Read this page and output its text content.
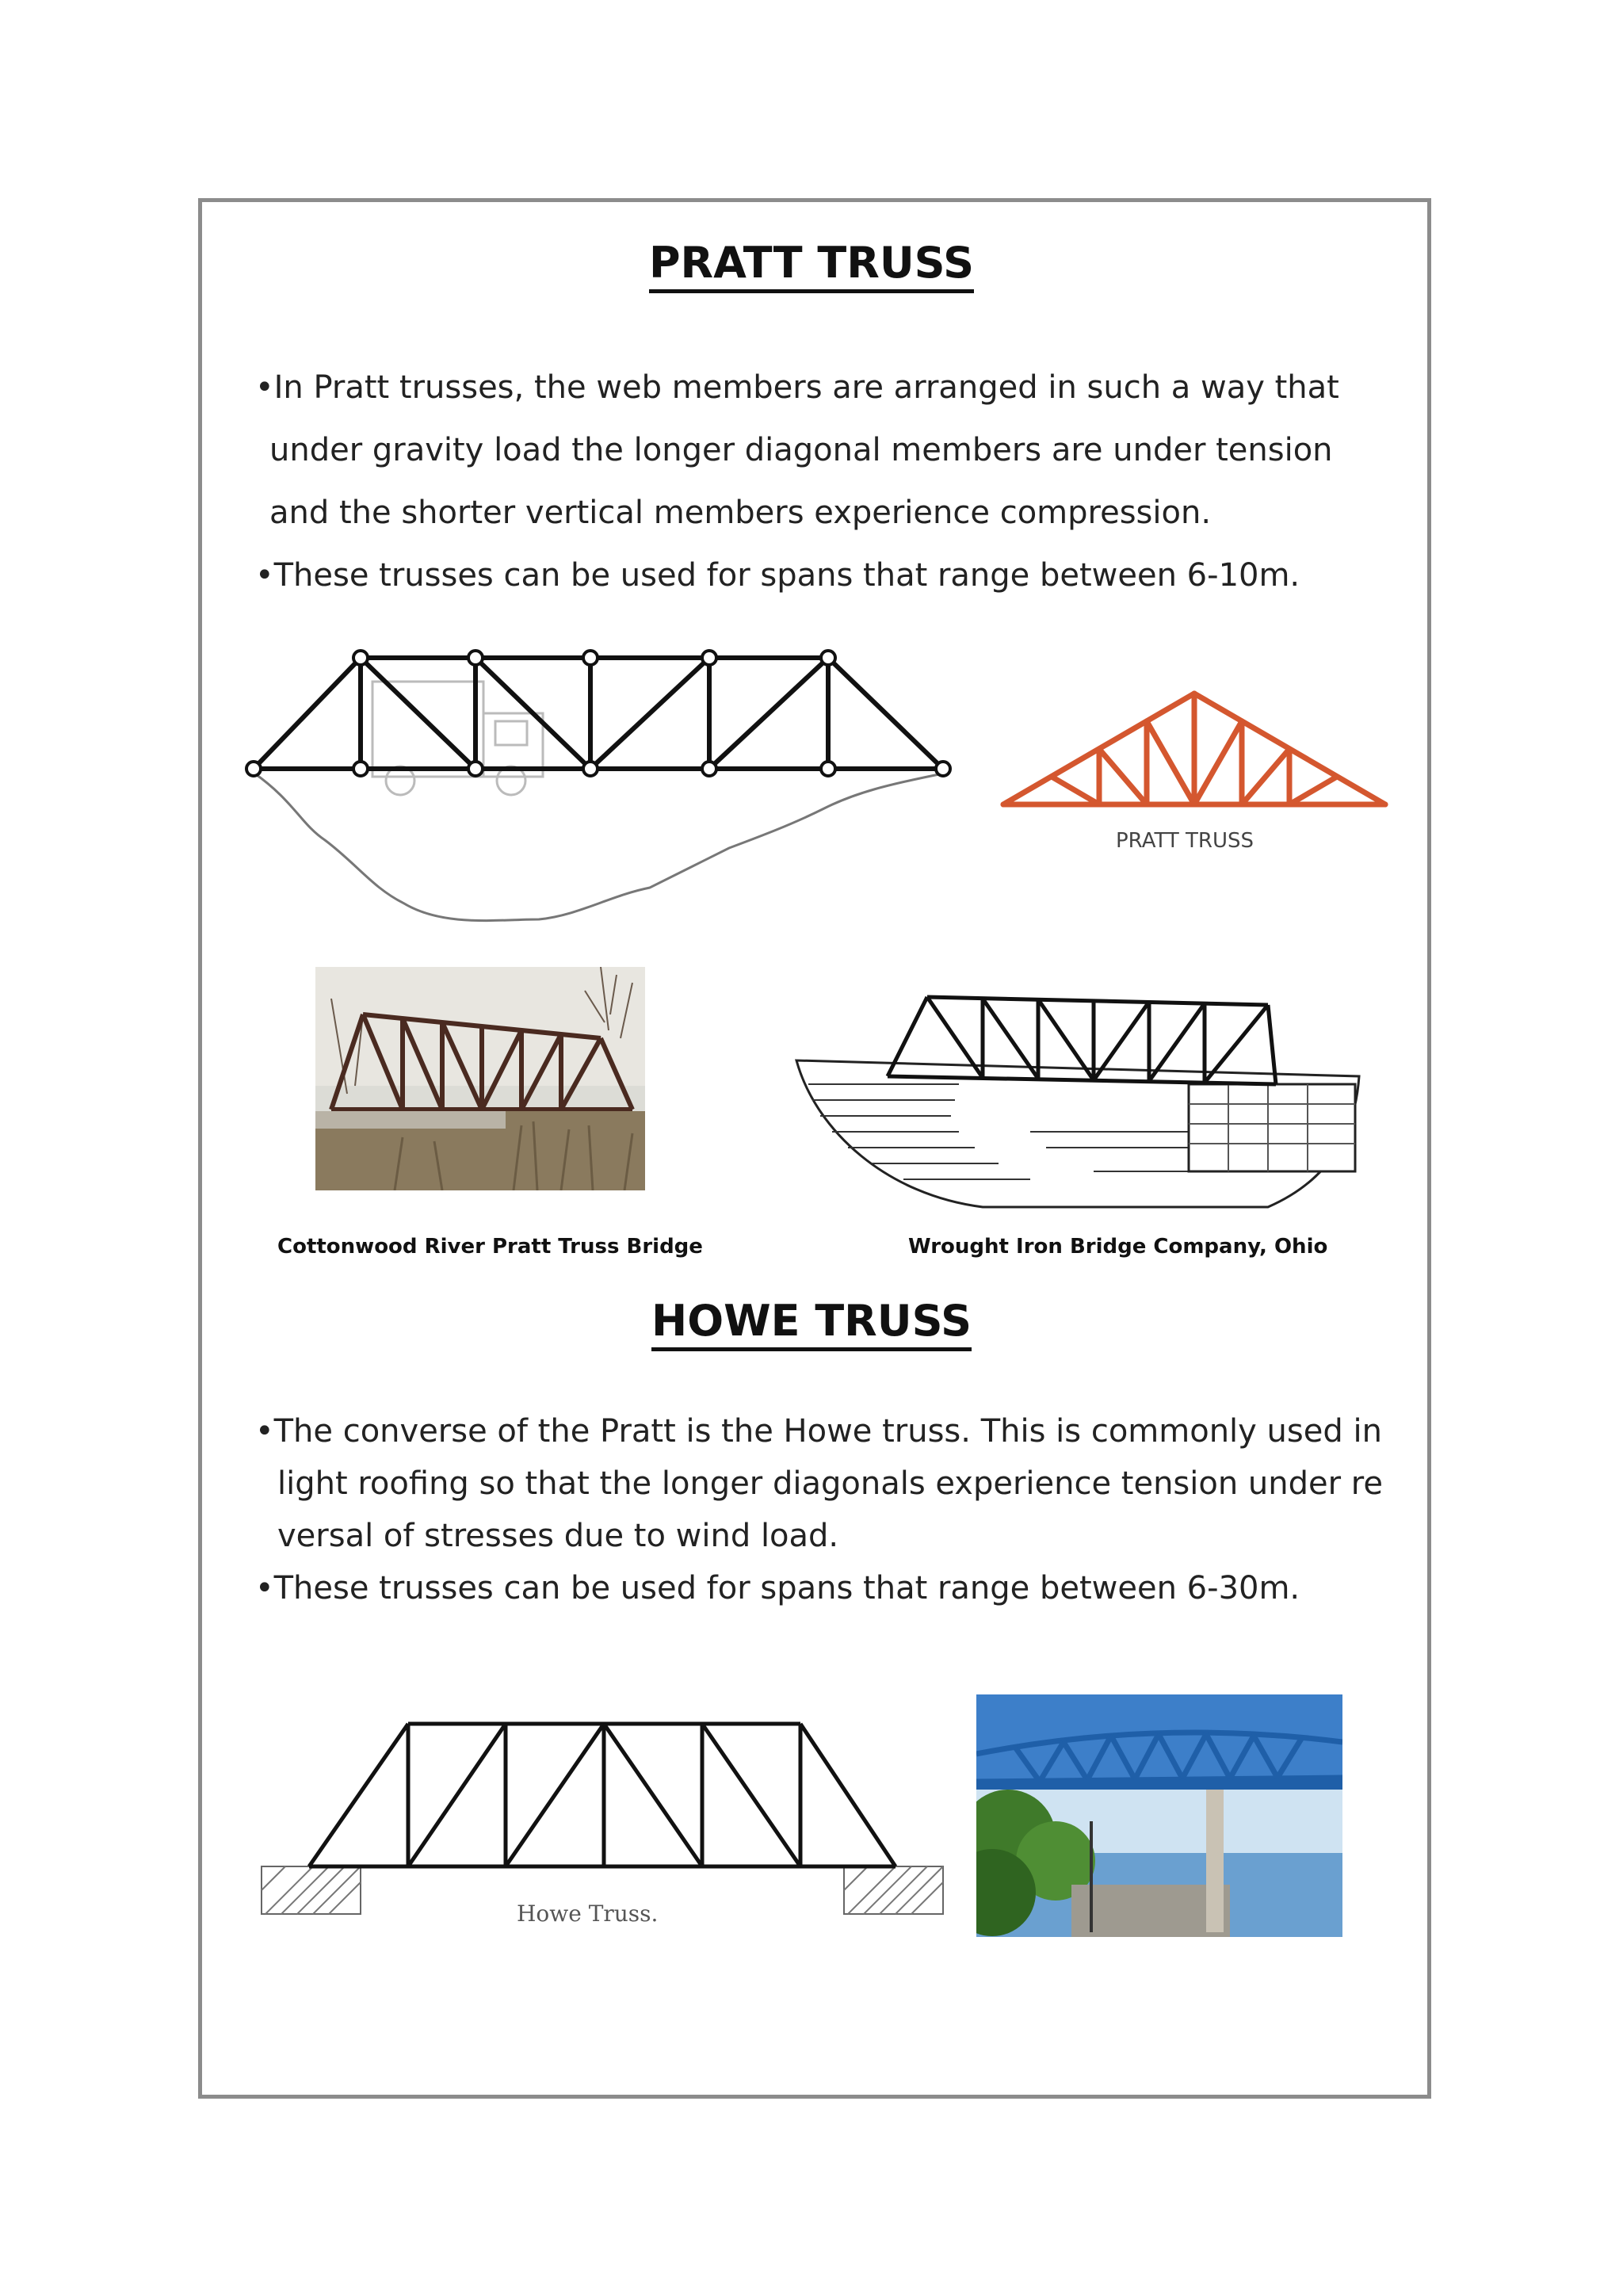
PRATT TRUSS

•In Pratt trusses, the web members are arranged in such a way that

under gravity load the longer diagonal members are under tension

and the shorter vertical members experience compression.

•These trusses can be used for spans that range between 6-10m.

PRATT TRUSS
Cottonwood River Pratt Truss Bridge	Wrought Iron Bridge Company, Ohio
HOWE TRUSS

•The converse of the Pratt is the Howe truss. This is commonly used in

light roofing so that the longer diagonals experience tension under re

versal of stresses due to wind load.

•These trusses can be used for spans that range between 6-30m.

Howe Truss.
